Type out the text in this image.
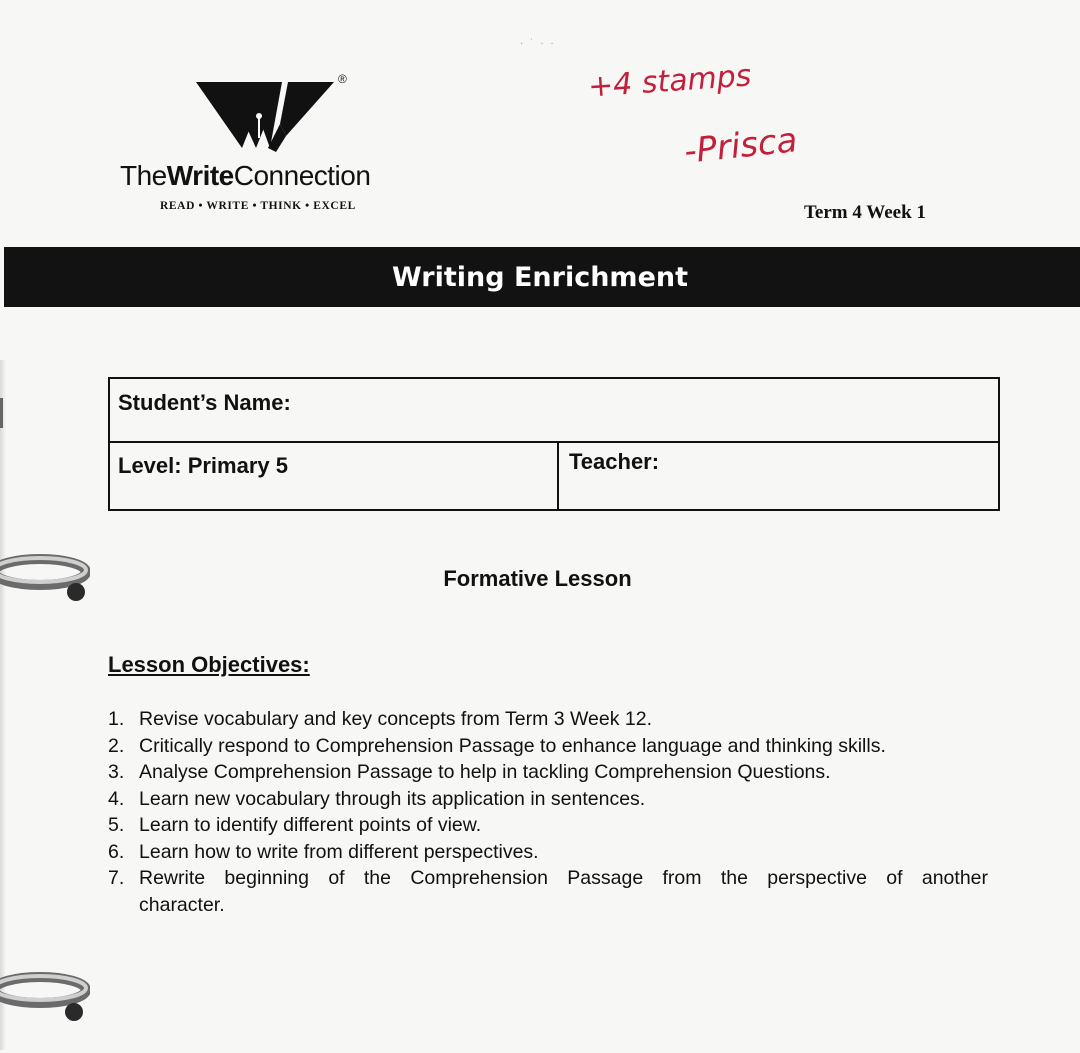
®
TheWriteConnection
READ • WRITE • THINK • EXCEL
· ˙ · ·
+4 stamps
-Prisca
Term 4 Week 1
Writing Enrichment
Student’s Name:
Level: Primary 5	Teacher:
Formative Lesson
Lesson Objectives:
1. Revise vocabulary and key concepts from Term 3 Week 12.
2. Critically respond to Comprehension Passage to enhance language and thinking skills.
3. Analyse Comprehension Passage to help in tackling Comprehension Questions.
4. Learn new vocabulary through its application in sentences.
5. Learn to identify different points of view.
6. Learn how to write from different perspectives.
7. Rewrite beginning of the Comprehension Passage from the perspective of another
character.
